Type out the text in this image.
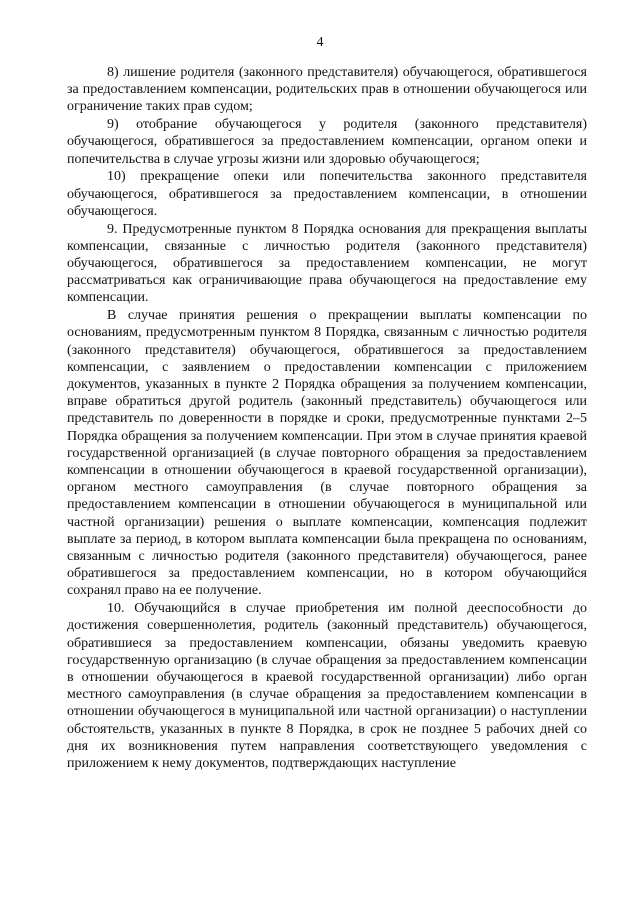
4

8) лишение родителя (законного представителя) обучающегося, обратившегося за предоставлением компенсации, родительских прав в отношении обучающегося или ограничение таких прав судом;

9) отобрание обучающегося у родителя (законного представителя) обучающегося, обратившегося за предоставлением компенсации, органом опеки и попечительства в случае угрозы жизни или здоровью обучающегося;

10) прекращение опеки или попечительства законного представителя обучающегося, обратившегося за предоставлением компенсации, в отношении обучающегося.

9. Предусмотренные пунктом 8 Порядка основания для прекращения выплаты компенсации, связанные с личностью родителя (законного представителя) обучающегося, обратившегося за предоставлением компенсации, не могут рассматриваться как ограничивающие права обучающегося на предоставление ему компенсации.

В случае принятия решения о прекращении выплаты компенсации по основаниям, предусмотренным пунктом 8 Порядка, связанным с личностью родителя (законного представителя) обучающегося, обратившегося за предоставлением компенсации, с заявлением о предоставлении компенсации с приложением документов, указанных в пункте 2 Порядка обращения за получением компенсации, вправе обратиться другой родитель (законный представитель) обучающегося или представитель по доверенности в порядке и сроки, предусмотренные пунктами 2–5 Порядка обращения за получением компенсации. При этом в случае принятия краевой государственной организацией (в случае повторного обращения за предоставлением компенсации в отношении обучающегося в краевой государственной организации), органом местного самоуправления (в случае повторного обращения за предоставлением компенсации в отношении обучающегося в муниципальной или частной организации) решения о выплате компенсации, компенсация подлежит выплате за период, в котором выплата компенсации была прекращена по основаниям, связанным с личностью родителя (законного представителя) обучающегося, ранее обратившегося за предоставлением компенсации, но в котором обучающийся сохранял право на ее получение.

10. Обучающийся в случае приобретения им полной дееспособности до достижения совершеннолетия, родитель (законный представитель) обучающегося, обратившиеся за предоставлением компенсации, обязаны уведомить краевую государственную организацию (в случае обращения за предоставлением компенсации в отношении обучающегося в краевой государственной организации) либо орган местного самоуправления (в случае обращения за предоставлением компенсации в отношении обучающегося в муниципальной или частной организации) о наступлении обстоятельств, указанных в пункте 8 Порядка, в срок не позднее 5 рабочих дней со дня их возникновения путем направления соответствующего уведомления с приложением к нему документов, подтверждающих наступление
